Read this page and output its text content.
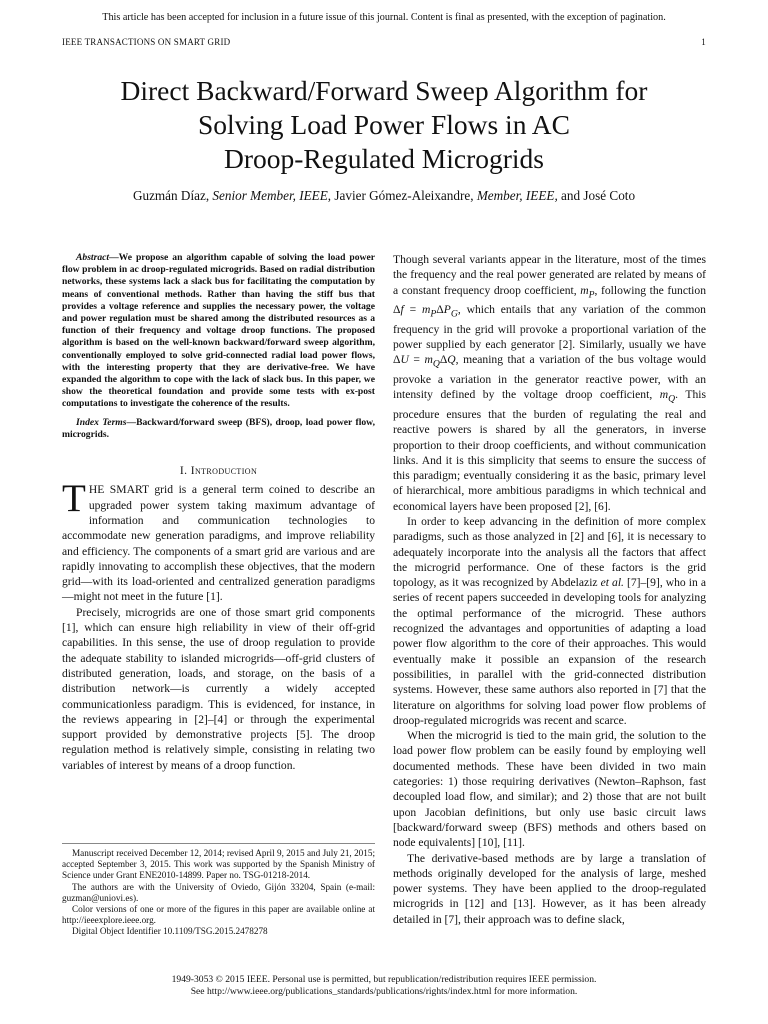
This article has been accepted for inclusion in a future issue of this journal. Content is final as presented, with the exception of pagination.
IEEE TRANSACTIONS ON SMART GRID	1
Direct Backward/Forward Sweep Algorithm for
Solving Load Power Flows in AC
Droop-Regulated Microgrids
Guzmán Díaz, Senior Member, IEEE, Javier Gómez-Aleixandre, Member, IEEE, and José Coto

Abstract—We propose an algorithm capable of solving the load power flow problem in ac droop-regulated microgrids. Based on radial distribution networks, these systems lack a slack bus for facilitating the computation by means of conventional methods. Rather than having the stiff bus that provides a voltage reference and supplies the necessary power, the voltage and power regulation must be shared among the distributed resources as a function of their frequency and voltage droop functions. The proposed algorithm is based on the well-known backward/forward sweep algorithm, conventionally employed to solve grid-connected radial load power flows, with the interesting property that they are derivative-free. We have expanded the algorithm to cope with the lack of slack bus. In this paper, we show the theoretical foundation and provide some tests with ex-post computations to investigate the coherence of the results.

Index Terms—Backward/forward sweep (BFS), droop, load power flow, microgrids.

I. Introduction

THE SMART grid is a general term coined to describe an upgraded power system taking maximum advantage of information and communication technologies to accommodate new generation paradigms, and improve reliability and efficiency. The components of a smart grid are various and are rapidly innovating to accomplish these objectives, that the modern grid—with its load-oriented and centralized generation paradigms—might not meet in the future [1].

Precisely, microgrids are one of those smart grid components [1], which can ensure high reliability in view of their off-grid capabilities. In this sense, the use of droop regulation to provide the adequate stability to islanded microgrids—off-grid clusters of distributed generation, loads, and storage, on the basis of a distribution network—is currently a widely accepted communicationless paradigm. This is evidenced, for instance, in the reviews appearing in [2]–[4] or through the experimental support provided by demonstrative projects [5]. The droop regulation method is relatively simple, consisting in relating two variables of interest by means of a droop function.

Manuscript received December 12, 2014; revised April 9, 2015 and July 21, 2015; accepted September 3, 2015. This work was supported by the Spanish Ministry of Science under Grant ENE2010-14899. Paper no. TSG-01218-2014.

The authors are with the University of Oviedo, Gijón 33204, Spain (e-mail: guzman@uniovi.es).

Color versions of one or more of the figures in this paper are available online at http://ieeexplore.ieee.org.

Digital Object Identifier 10.1109/TSG.2015.2478278

Though several variants appear in the literature, most of the times the frequency and the real power generated are related by means of a constant frequency droop coefficient, $m_P$, following the function $\Delta f = m_P\Delta P_G$, which entails that any variation of the common frequency in the grid will provoke a proportional variation of the power supplied by each generator [2]. Similarly, usually we have $\Delta U = m_Q\Delta Q$, meaning that a variation of the bus voltage would provoke a variation in the generator reactive power, with an intensity defined by the voltage droop coefficient, $m_Q$. This procedure ensures that the burden of regulating the real and reactive powers is shared by all the generators, in inverse proportion to their droop coefficients, and without communication links. And it is this simplicity that seems to ensure the success of this paradigm; eventually considering it as the basic, primary level of hierarchical, more ambitious paradigms in which technical and economical layers have been proposed [2], [6].

In order to keep advancing in the definition of more complex paradigms, such as those analyzed in [2] and [6], it is necessary to adequately incorporate into the analysis all the factors that affect the microgrid performance. One of these factors is the grid topology, as it was recognized by Abdelaziz et al. [7]–[9], who in a series of recent papers succeeded in developing tools for analyzing the optimal performance of the microgrid. These authors recognized the advantages and opportunities of adapting a load power flow algorithm to the core of their approaches. This would eventually make it possible an expansion of the research possibilities, in parallel with the grid-connected distribution systems. However, these same authors also reported in [7] that the literature on algorithms for solving load power flow problems of droop-regulated microgrids was recent and scarce.

When the microgrid is tied to the main grid, the solution to the load power flow problem can be easily found by employing well documented methods. These have been divided in two main categories: 1) those requiring derivatives (Newton–Raphson, fast decoupled load flow, and similar); and 2) those that are not built upon Jacobian definitions, but only use basic circuit laws [backward/forward sweep (BFS) methods and others based on node equivalents] [10], [11].

The derivative-based methods are by large a translation of methods originally developed for the analysis of large, meshed power systems. They have been applied to the droop-regulated microgrids in [12] and [13]. However, as it has been already detailed in [7], their approach was to define slack,

1949-3053 © 2015 IEEE. Personal use is permitted, but republication/redistribution requires IEEE permission.
See http://www.ieee.org/publications_standards/publications/rights/index.html for more information.
